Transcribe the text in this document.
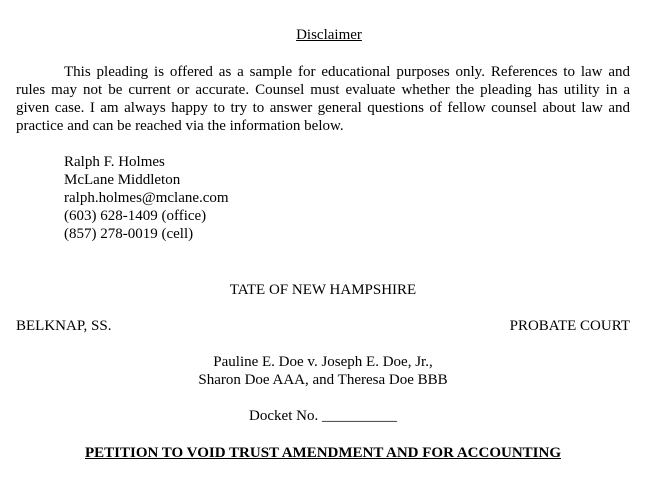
Disclaimer
This pleading is offered as a sample for educational purposes only. References to law and rules may not be current or accurate. Counsel must evaluate whether the pleading has utility in a given case. I am always happy to try to answer general questions of fellow counsel about law and practice and can be reached via the information below.
Ralph F. Holmes
McLane Middleton
ralph.holmes@mclane.com
(603) 628-1409 (office)
(857) 278-0019 (cell)
TATE OF NEW HAMPSHIRE
BELKNAP, SS.	PROBATE COURT
Pauline E. Doe v. Joseph E. Doe, Jr.,
Sharon Doe AAA, and Theresa Doe BBB
Docket No. __________
PETITION TO VOID TRUST AMENDMENT AND FOR ACCOUNTING
